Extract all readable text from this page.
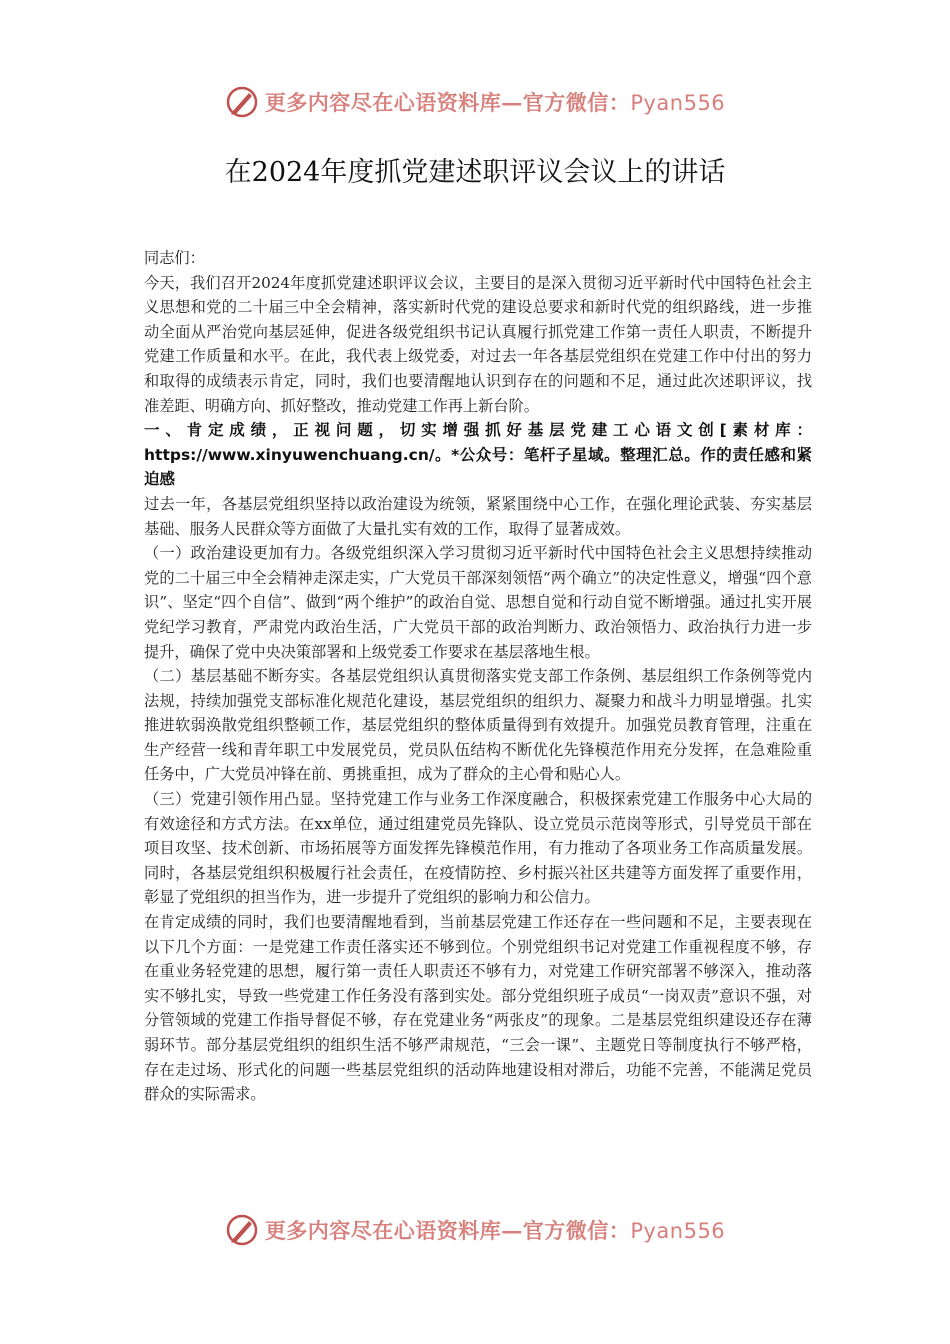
更多内容尽在心语资料库—官方微信：Pyan556
在2024年度抓党建述职评议会议上的讲话

同志们：

今天，我们召开2024年度抓党建述职评议会议，主要目的是深入贯彻习近平新时代中国特色社会主义思想和党的二十届三中全会精神，落实新时代党的建设总要求和新时代党的组织路线，进一步推动全面从严治党向基层延伸，促进各级党组织书记认真履行抓党建工作第一责任人职责，不断提升党建工作质量和水平。在此，我代表上级党委，对过去一年各基层党组织在党建工作中付出的努力和取得的成绩表示肯定，同时，我们也要清醒地认识到存在的问题和不足，通过此次述职评议，找准差距、明确方向、抓好整改，推动党建工作再上新台阶。

一、肯定成绩，正视问题，切实增强抓好基层党建工心语文创[素材库：https://www.xinyuwenchuang.cn/。*公众号：笔杆子星域。整理汇总。作的责任感和紧迫感

过去一年，各基层党组织坚持以政治建设为统领，紧紧围绕中心工作，在强化理论武装、夯实基层基础、服务人民群众等方面做了大量扎实有效的工作，取得了显著成效。

（一）政治建设更加有力。各级党组织深入学习贯彻习近平新时代中国特色社会主义思想持续推动党的二十届三中全会精神走深走实，广大党员干部深刻领悟“两个确立”的决定性意义，增强“四个意识”、坚定“四个自信”、做到“两个维护”的政治自觉、思想自觉和行动自觉不断增强。通过扎实开展党纪学习教育，严肃党内政治生活，广大党员干部的政治判断力、政治领悟力、政治执行力进一步提升，确保了党中央决策部署和上级党委工作要求在基层落地生根。

（二）基层基础不断夯实。各基层党组织认真贯彻落实党支部工作条例、基层组织工作条例等党内法规，持续加强党支部标准化规范化建设，基层党组织的组织力、凝聚力和战斗力明显增强。扎实推进软弱涣散党组织整顿工作，基层党组织的整体质量得到有效提升。加强党员教育管理，注重在生产经营一线和青年职工中发展党员，党员队伍结构不断优化先锋模范作用充分发挥，在急难险重任务中，广大党员冲锋在前、勇挑重担，成为了群众的主心骨和贴心人。

（三）党建引领作用凸显。坚持党建工作与业务工作深度融合，积极探索党建工作服务中心大局的有效途径和方式方法。在xx单位，通过组建党员先锋队、设立党员示范岗等形式，引导党员干部在项目攻坚、技术创新、市场拓展等方面发挥先锋模范作用，有力推动了各项业务工作高质量发展。同时，各基层党组织积极履行社会责任，在疫情防控、乡村振兴社区共建等方面发挥了重要作用，彰显了党组织的担当作为，进一步提升了党组织的影响力和公信力。

在肯定成绩的同时，我们也要清醒地看到，当前基层党建工作还存在一些问题和不足，主要表现在以下几个方面：一是党建工作责任落实还不够到位。个别党组织书记对党建工作重视程度不够，存在重业务轻党建的思想，履行第一责任人职责还不够有力，对党建工作研究部署不够深入，推动落实不够扎实，导致一些党建工作任务没有落到实处。部分党组织班子成员“一岗双责”意识不强，对分管领域的党建工作指导督促不够，存在党建业务“两张皮”的现象。二是基层党组织建设还存在薄弱环节。部分基层党组织的组织生活不够严肃规范，“三会一课”、主题党日等制度执行不够严格，存在走过场、形式化的问题一些基层党组织的活动阵地建设相对滞后，功能不完善，不能满足党员群众的实际需求。

更多内容尽在心语资料库—官方微信：Pyan556
